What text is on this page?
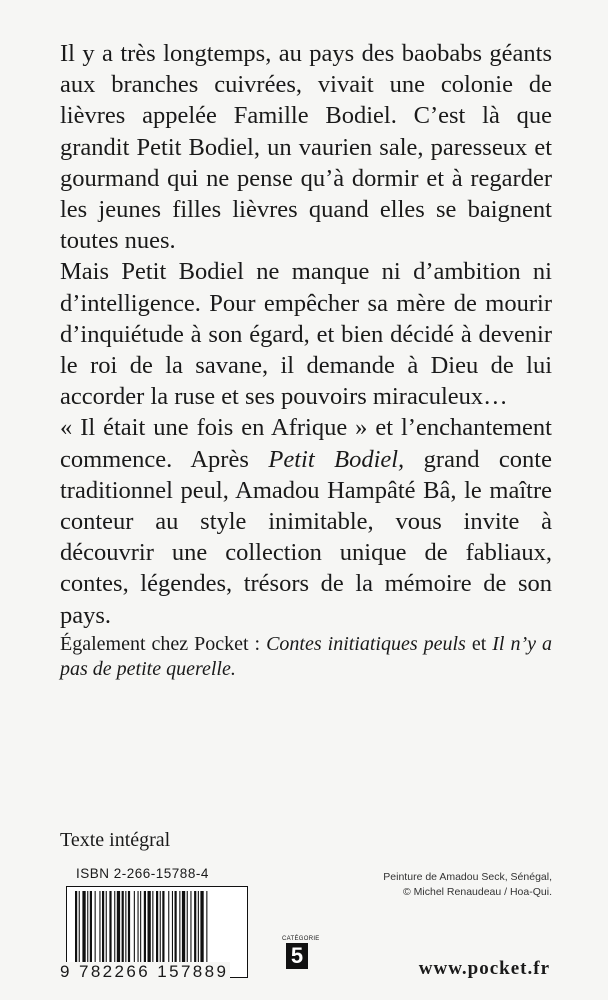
Il y a très longtemps, au pays des baobabs géants aux branches cuivrées, vivait une colonie de lièvres appelée Famille Bodiel. C’est là que grandit Petit Bodiel, un vaurien sale, paresseux et gourmand qui ne pense qu’à dormir et à regarder les jeunes filles lièvres quand elles se baignent toutes nues.

Mais Petit Bodiel ne manque ni d’ambition ni d’intelligence. Pour empêcher sa mère de mourir d’inquiétude à son égard, et bien décidé à devenir le roi de la savane, il demande à Dieu de lui accorder la ruse et ses pouvoirs miraculeux…

« Il était une fois en Afrique » et l’enchantement commence. Après Petit Bodiel, grand conte traditionnel peul, Amadou Hampâté Bâ, le maître conteur au style inimitable, vous invite à découvrir une collection unique de fabliaux, contes, légendes, trésors de la mémoire de son pays.

Également chez Pocket : Contes initiatiques peuls et Il n’y a pas de petite querelle.
Texte intégral
ISBN 2-266-15788-4
9 782266 157889
Peinture de Amadou Seck, Sénégal,
© Michel Renaudeau / Hoa-Qui.
CATÉGORIE
5
www.pocket.fr
